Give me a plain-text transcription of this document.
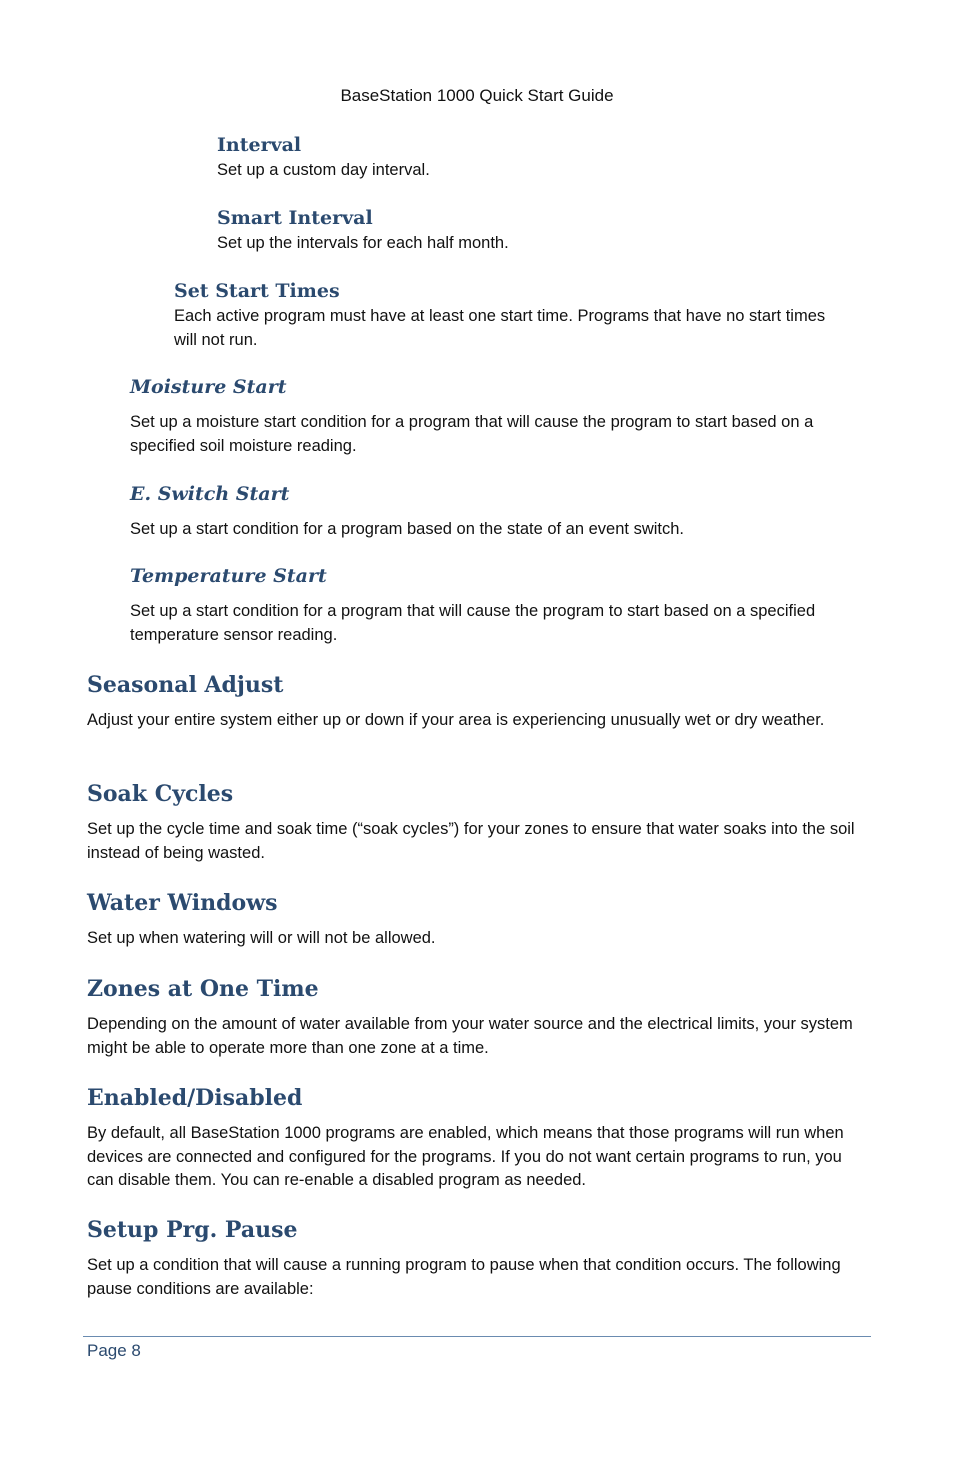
BaseStation 1000 Quick Start Guide
Interval
Set up a custom day interval.
Smart Interval
Set up the intervals for each half month.
Set Start Times
Each active program must have at least one start time. Programs that have no start times will not run.
Moisture Start
Set up a moisture start condition for a program that will cause the program to start based on a specified soil moisture reading.
E. Switch Start
Set up a start condition for a program based on the state of an event switch.
Temperature Start
Set up a start condition for a program that will cause the program to start based on a specified temperature sensor reading.
Seasonal Adjust
Adjust your entire system either up or down if your area is experiencing unusually wet or dry weather.
Soak Cycles
Set up the cycle time and soak time (“soak cycles”) for your zones to ensure that water soaks into the soil instead of being wasted.
Water Windows
Set up when watering will or will not be allowed.
Zones at One Time
Depending on the amount of water available from your water source and the electrical limits, your system might be able to operate more than one zone at a time.
Enabled/Disabled
By default, all BaseStation 1000 programs are enabled, which means that those programs will run when devices are connected and configured for the programs. If you do not want certain programs to run, you can disable them. You can re-enable a disabled program as needed.
Setup Prg. Pause
Set up a condition that will cause a running program to pause when that condition occurs. The following pause conditions are available:
Page 8
